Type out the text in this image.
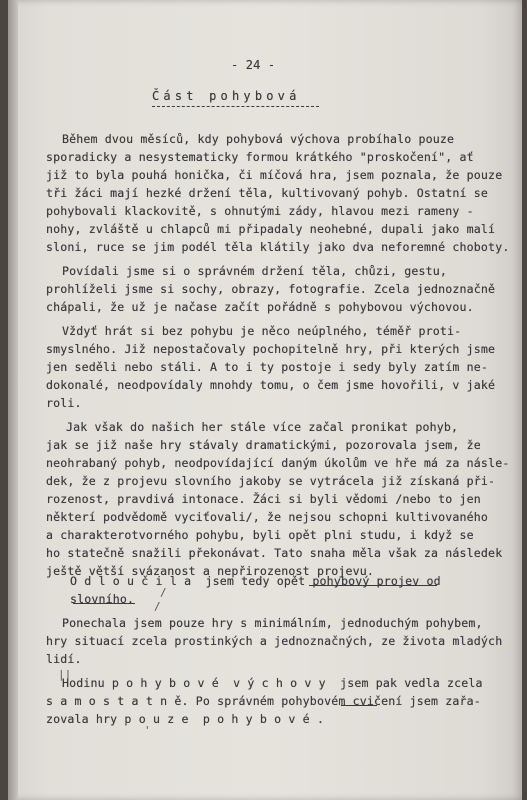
- 24 -
Část pohybová
Během dvou měsíců, kdy pohybová výchova probíhalo pouze
sporadicky a nesystematicky formou krátkého "proskočení", ať
již to byla pouhá honička, či míčová hra, jsem poznala, že pouze
tři žáci mají hezké držení těla, kultivovaný pohyb. Ostatní se
pohybovali klackovitě, s ohnutými zády, hlavou mezi rameny -
nohy, zvláště u chlapců mi připadaly neohebné, dupali jako malí
sloni, ruce se jim podél těla klátily jako dva neforemné choboty.
Povídali jsme si o správném držení těla, chůzi, gestu,
prohlíželi jsme si sochy, obrazy, fotografie. Zcela jednoznačně
chápali, že už je načase začít pořádně s pohybovou výchovou.
Vždyť hrát si bez pohybu je něco neúplného, téměř proti-
smyslného. Již nepostačovaly pochopitelně hry, při kterých jsme
jen seděli nebo stáli. A to i ty postoje i sedy byly zatím ne-
dokonalé, neodpovídaly mnohdy tomu, o čem jsme hovořili, v jaké
roli.
Jak však do našich her stále více začal pronikat pohyb,
jak se již naše hry stávaly dramatickými, pozorovala jsem, že
neohrabaný pohyb, neodpovídající daným úkolům ve hře má za násle-
dek, že z projevu slovního jakoby se vytrácela již získaná při-
rozenost, pravdivá intonace. Žáci si byli vědomi /nebo to jen
některí podvědomě vyciťovali/, že nejsou schopni kultivovaného
a charakterotvorného pohybu, byli opět plni studu, i když se
ho statečně snažili překonávat. Tato snaha měla však za následek
ještě větší svázanost a nepřirozenost projevu.
O d l o u č i l a  jsem tedy opět pohybový projev od
slovního.
Ponechala jsem pouze hry s minimálním, jednoduchým pohybem,
hry situací zcela prostinkých a jednoznačných, ze života mladých
lidí.
Hodinu p o h y b o v é  v ý c h o v y  jsem pak vedla zcela
s a m o s t a t n ě. Po správném pohybovém cvičení jsem zařa-
zovala hry p o u z e  p o h y b o v é .
/
/
||
'
